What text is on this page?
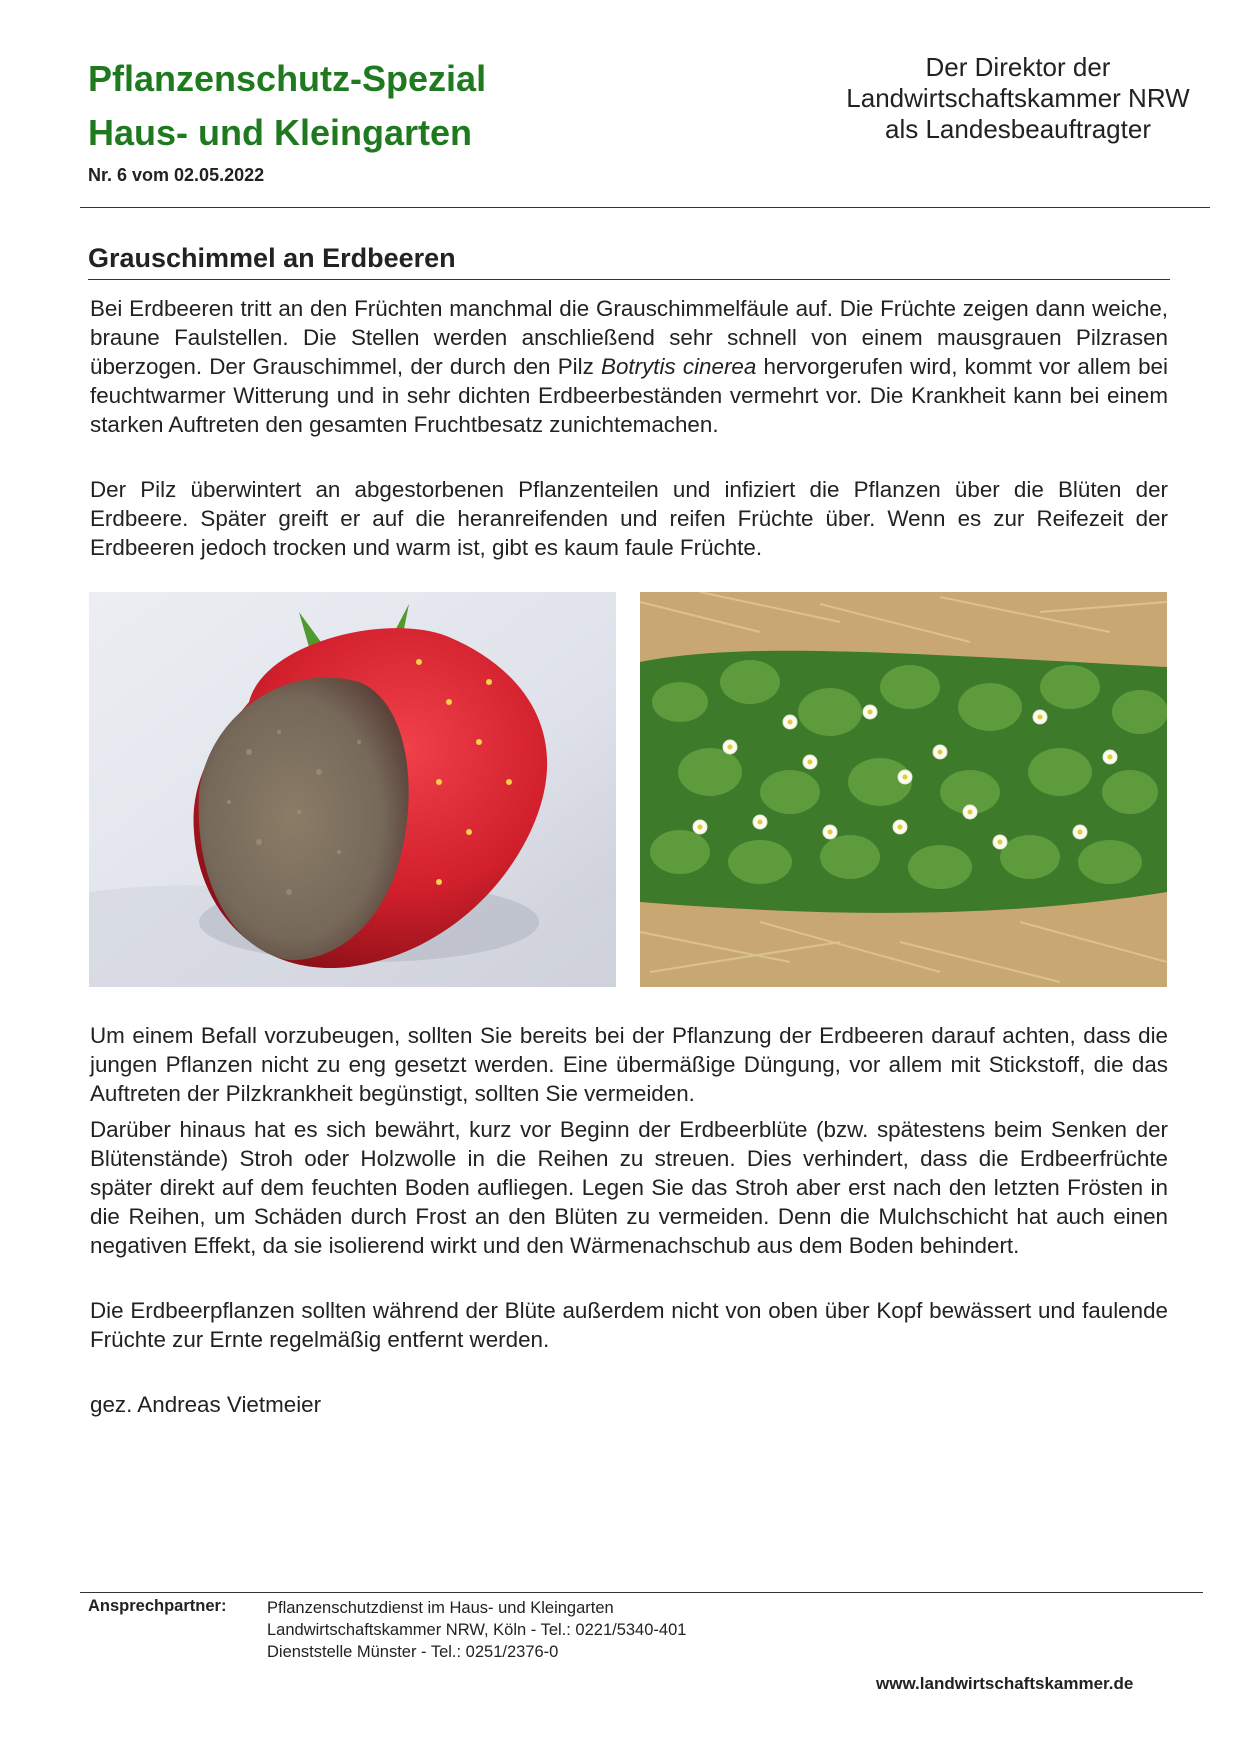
Pflanzenschutz-Spezial
Haus- und Kleingarten
Der Direktor der
Landwirtschaftskammer NRW
als Landesbeauftragter
Nr. 6 vom 02.05.2022
Grauschimmel an Erdbeeren

Bei Erdbeeren tritt an den Früchten manchmal die Grauschimmelfäule auf. Die Früchte zeigen dann weiche, braune Faulstellen. Die Stellen werden anschließend sehr schnell von einem mausgrauen Pilzrasen überzogen. Der Grauschimmel, der durch den Pilz Botrytis cinerea hervorgerufen wird, kommt vor allem bei feuchtwarmer Witterung und in sehr dichten Erdbeerbeständen vermehrt vor. Die Krankheit kann bei einem starken Auftreten den gesamten Fruchtbesatz zunichtemachen.

Der Pilz überwintert an abgestorbenen Pflanzenteilen und infiziert die Pflanzen über die Blüten der Erdbeere. Später greift er auf die heranreifenden und reifen Früchte über. Wenn es zur Reifezeit der Erdbeeren jedoch trocken und warm ist, gibt es kaum faule Früchte.

Um einem Befall vorzubeugen, sollten Sie bereits bei der Pflanzung der Erdbeeren darauf achten, dass die jungen Pflanzen nicht zu eng gesetzt werden. Eine übermäßige Düngung, vor allem mit Stickstoff, die das Auftreten der Pilzkrankheit begünstigt, sollten Sie vermeiden.

Darüber hinaus hat es sich bewährt, kurz vor Beginn der Erdbeerblüte (bzw. spätestens beim Senken der Blütenstände) Stroh oder Holzwolle in die Reihen zu streuen. Dies verhindert, dass die Erdbeerfrüchte später direkt auf dem feuchten Boden aufliegen. Legen Sie das Stroh aber erst nach den letzten Frösten in die Reihen, um Schäden durch Frost an den Blüten zu vermeiden. Denn die Mulchschicht hat auch einen negativen Effekt, da sie isolierend wirkt und den Wärmenachschub aus dem Boden behindert.

Die Erdbeerpflanzen sollten während der Blüte außerdem nicht von oben über Kopf bewässert und faulende Früchte zur Ernte regelmäßig entfernt werden.

gez. Andreas Vietmeier
Ansprechpartner: Pflanzenschutzdienst im Haus- und Kleingarten
Landwirtschaftskammer NRW, Köln - Tel.: 0221/5340-401
Dienststelle Münster - Tel.: 0251/2376-0
www.landwirtschaftskammer.de
